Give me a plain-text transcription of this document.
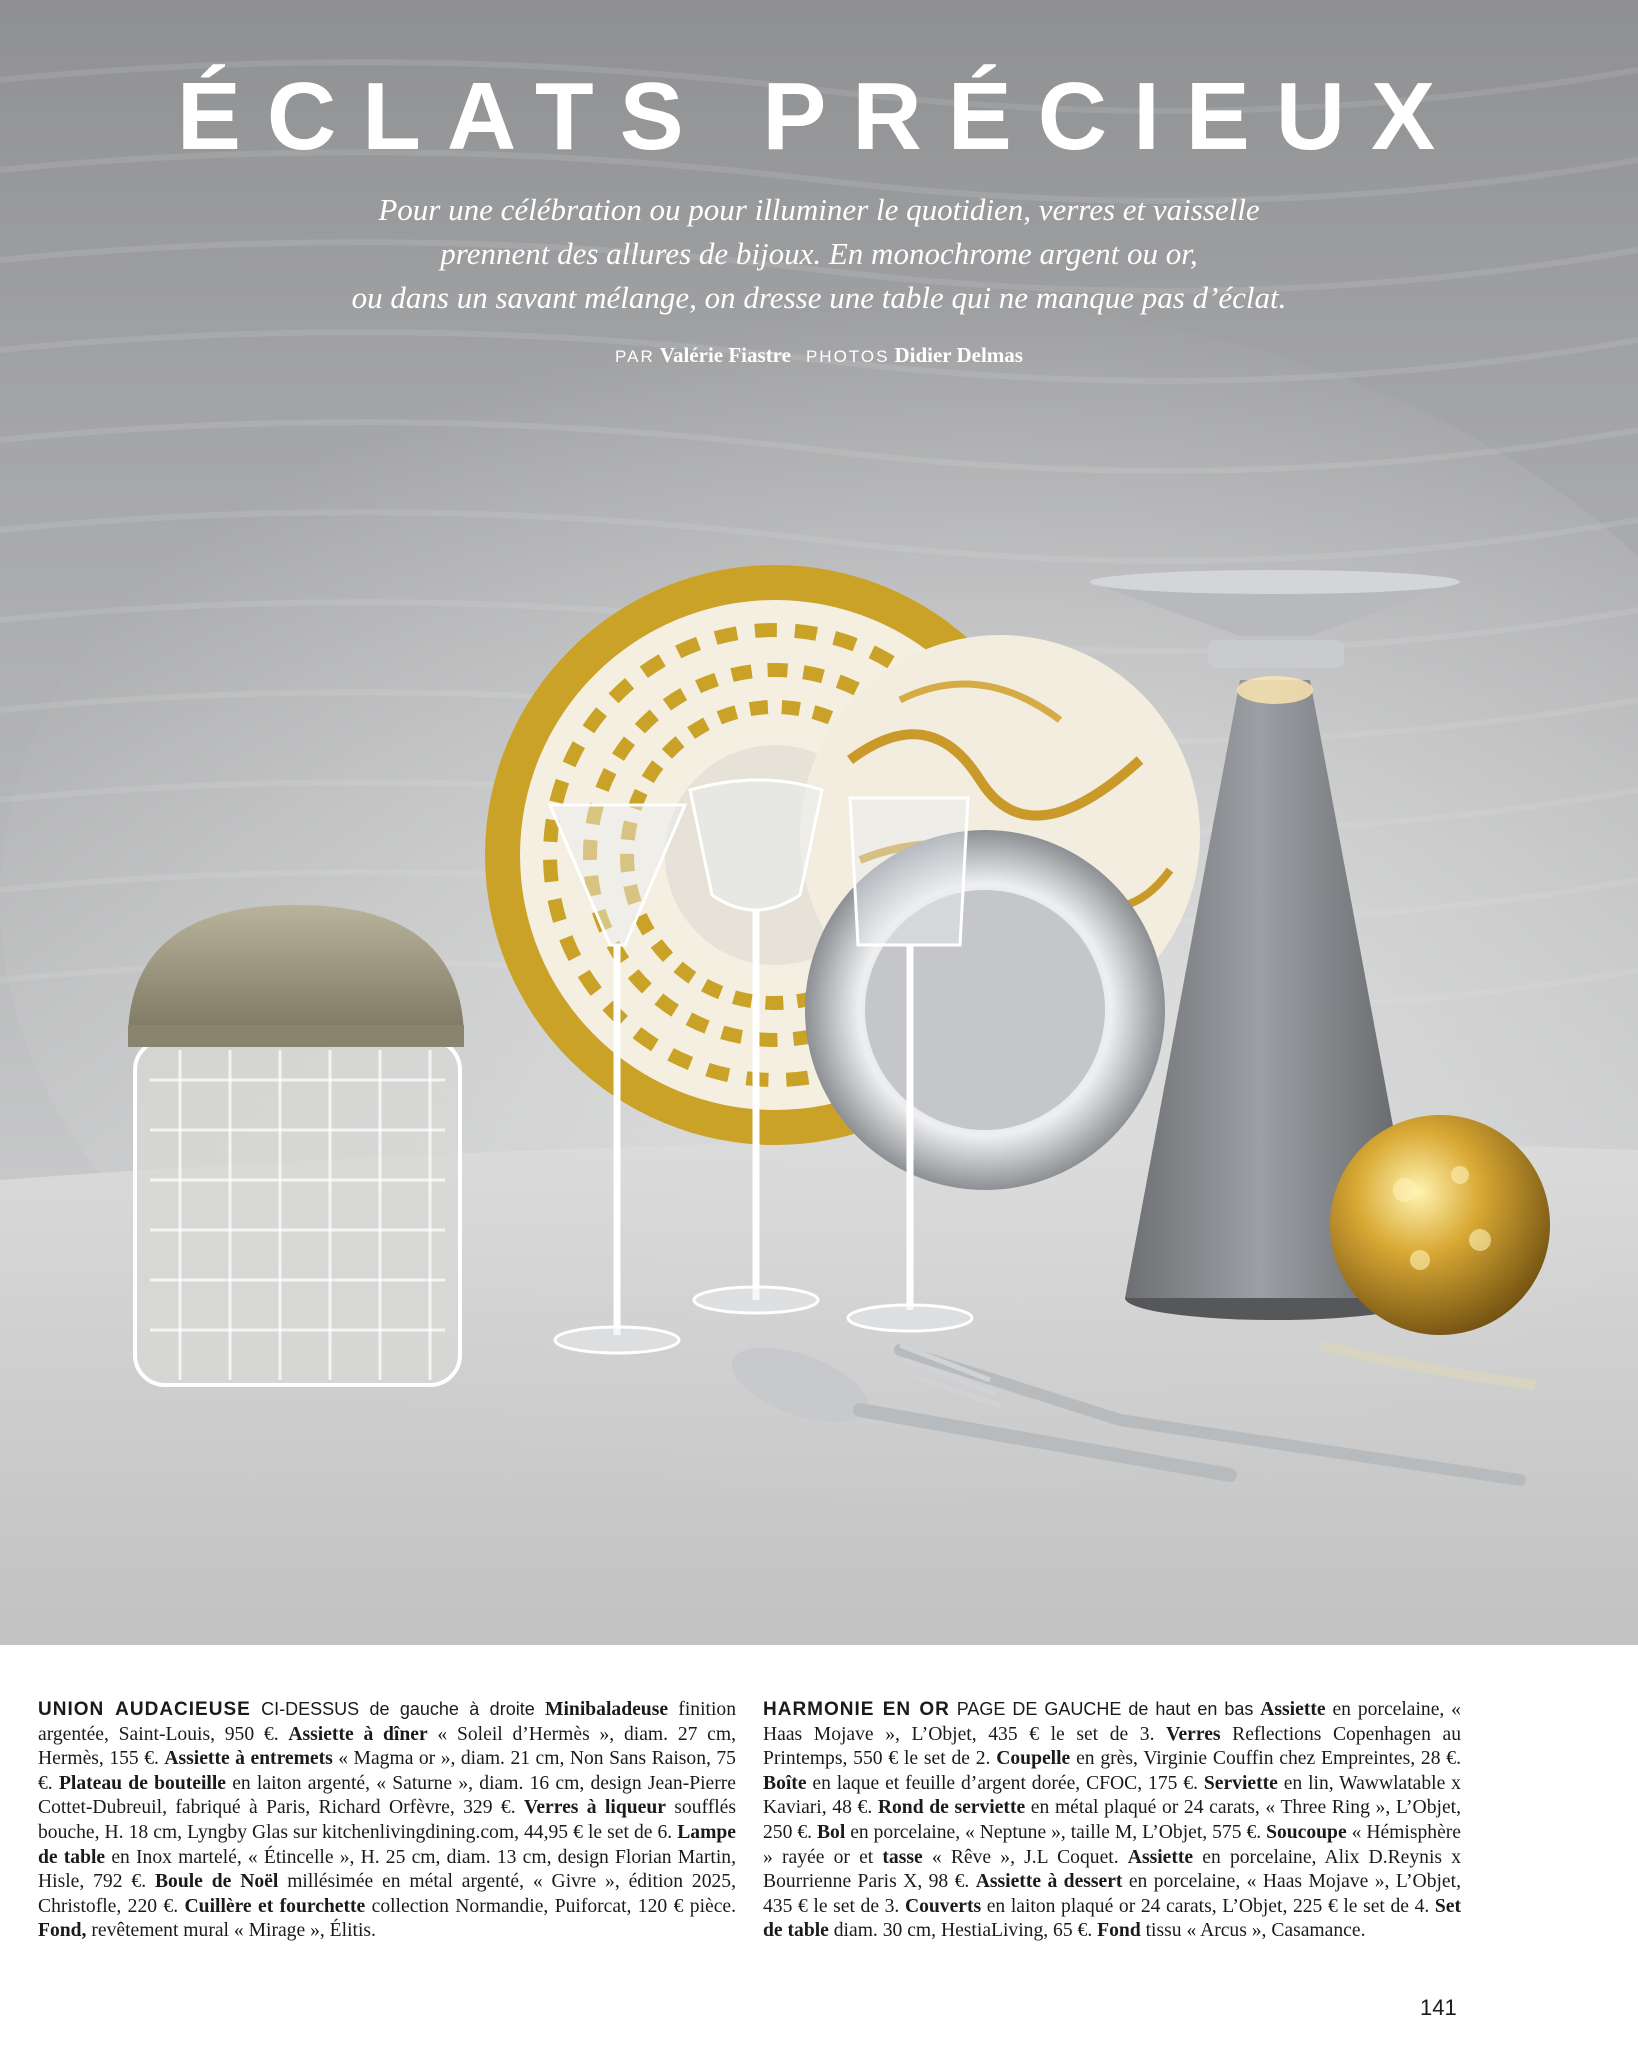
ÉCLATS PRÉCIEUX
Pour une célébration ou pour illuminer le quotidien, verres et vaisselle
prennent des allures de bijoux. En monochrome argent ou or,
ou dans un savant mélange, on dresse une table qui ne manque pas d’éclat.
PAR Valérie Fiastre PHOTOS Didier Delmas
UNION AUDACIEUSE CI-DESSUS de gauche à droite Minibaladeuse finition argentée, Saint-Louis, 950 €. Assiette à dîner « Soleil d’Hermès », diam. 27 cm, Hermès, 155 €. Assiette à entremets « Magma or », diam. 21 cm, Non Sans Raison, 75 €. Plateau de bouteille en laiton argenté, « Saturne », diam. 16 cm, design Jean-Pierre Cottet-Dubreuil, fabriqué à Paris, Richard Orfèvre, 329 €. Verres à liqueur soufflés bouche, H. 18 cm, Lyngby Glas sur kitchenlivingdining.com, 44,95 € le set de 6. Lampe de table en Inox martelé, « Étincelle », H. 25 cm, diam. 13 cm, design Florian Martin, Hisle, 792 €. Boule de Noël millésimée en métal argenté, « Givre », édition 2025, Christofle, 220 €. Cuillère et fourchette collection Normandie, Puiforcat, 120 € pièce. Fond, revêtement mural « Mirage », Élitis.
HARMONIE EN OR PAGE DE GAUCHE de haut en bas Assiette en porcelaine, « Haas Mojave », L’Objet, 435 € le set de 3. Verres Reflections Copenhagen au Printemps, 550 € le set de 2. Coupelle en grès, Virginie Couffin chez Empreintes, 28 €. Boîte en laque et feuille d’argent dorée, CFOC, 175 €. Serviette en lin, Wawwlatable x Kaviari, 48 €. Rond de serviette en métal plaqué or 24 carats, « Three Ring », L’Objet, 250 €. Bol en porcelaine, « Neptune », taille M, L’Objet, 575 €. Soucoupe « Hémisphère » rayée or et tasse « Rêve », J.L Coquet. Assiette en porcelaine, Alix D.Reynis x Bourrienne Paris X, 98 €. Assiette à dessert en porcelaine, « Haas Mojave », L’Objet, 435 € le set de 3. Couverts en laiton plaqué or 24 carats, L’Objet, 225 € le set de 4. Set de table diam. 30 cm, HestiaLiving, 65 €. Fond tissu « Arcus », Casamance.
141
